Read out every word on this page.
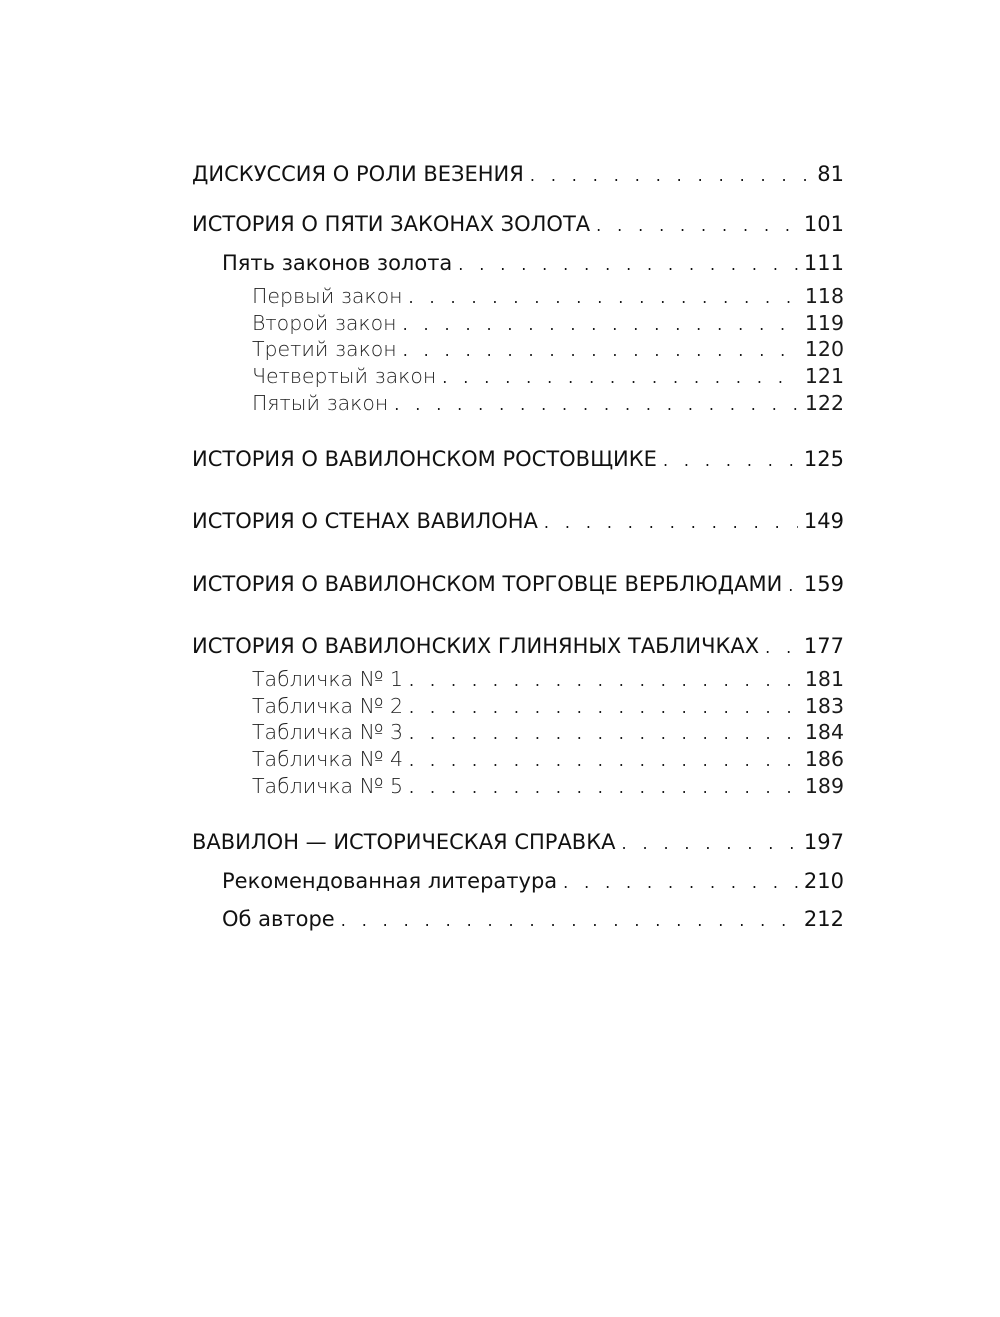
ДИСКУССИЯ О РОЛИ ВЕЗЕНИЯ . . .	81
ИСТОРИЯ О ПЯТИ ЗАКОНАХ ЗОЛОТА . . .	101
Пять законов золота . . .	111
Первый закон . . .	118
Второй закон . . .	119
Третий закон . . .	120
Четвертый закон . . .	121
Пятый закон . . .	122
ИСТОРИЯ О ВАВИЛОНСКОМ РОСТОВЩИКЕ . . .	125
ИСТОРИЯ О СТЕНАХ ВАВИЛОНА . . .	149
ИСТОРИЯ О ВАВИЛОНСКОМ ТОРГОВЦЕ ВЕРБЛЮДАМИ . . . 159
ИСТОРИЯ О ВАВИЛОНСКИХ ГЛИНЯНЫХ ТАБЛИЧКАХ . . . 177
Табличка № 1 . . .	181
Табличка № 2 . . .	183
Табличка № 3 . . .	184
Табличка № 4 . . .	186
Табличка № 5 . . .	189
ВАВИЛОН — ИСТОРИЧЕСКАЯ СПРАВКА . . .	197
Рекомендованная литература . . .	210
Об авторе . . .	212
